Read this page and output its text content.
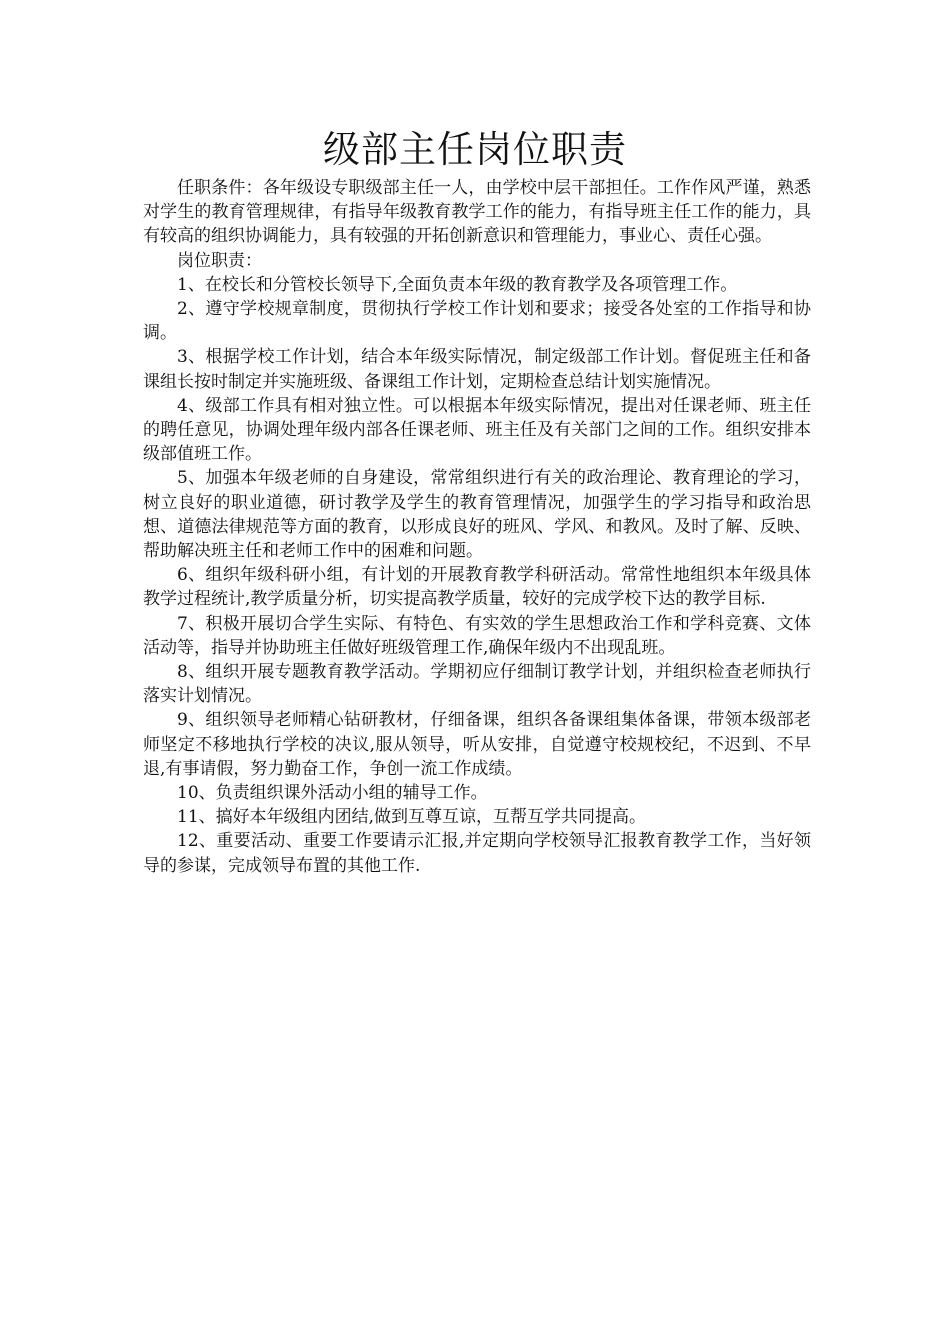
级部主任岗位职责

任职条件：各年级设专职级部主任一人，由学校中层干部担任。工作作风严谨，熟悉对学生的教育管理规律，有指导年级教育教学工作的能力，有指导班主任工作的能力，具有较高的组织协调能力，具有较强的开拓创新意识和管理能力，事业心、责任心强。

岗位职责：

1、在校长和分管校长领导下,全面负责本年级的教育教学及各项管理工作。

2、遵守学校规章制度，贯彻执行学校工作计划和要求；接受各处室的工作指导和协调。

3、根据学校工作计划，结合本年级实际情况，制定级部工作计划。督促班主任和备课组长按时制定并实施班级、备课组工作计划，定期检查总结计划实施情况。

4、级部工作具有相对独立性。可以根据本年级实际情况，提出对任课老师、班主任的聘任意见，协调处理年级内部各任课老师、班主任及有关部门之间的工作。组织安排本级部值班工作。

5、加强本年级老师的自身建设，常常组织进行有关的政治理论、教育理论的学习，树立良好的职业道德，研讨教学及学生的教育管理情况，加强学生的学习指导和政治思想、道德法律规范等方面的教育，以形成良好的班风、学风、和教风。及时了解、反映、帮助解决班主任和老师工作中的困难和问题。

6、组织年级科研小组，有计划的开展教育教学科研活动。常常性地组织本年级具体教学过程统计,教学质量分析，切实提高教学质量，较好的完成学校下达的教学目标.

7、积极开展切合学生实际、有特色、有实效的学生思想政治工作和学科竞赛、文体活动等，指导并协助班主任做好班级管理工作,确保年级内不出现乱班。

8、组织开展专题教育教学活动。学期初应仔细制订教学计划，并组织检查老师执行落实计划情况。

9、组织领导老师精心钻研教材，仔细备课，组织各备课组集体备课，带领本级部老师坚定不移地执行学校的决议,服从领导，听从安排，自觉遵守校规校纪，不迟到、不早退,有事请假，努力勤奋工作，争创一流工作成绩。

10、负责组织课外活动小组的辅导工作。

11、搞好本年级组内团结,做到互尊互谅，互帮互学共同提高。

12、重要活动、重要工作要请示汇报,并定期向学校领导汇报教育教学工作，当好领导的参谋，完成领导布置的其他工作.
